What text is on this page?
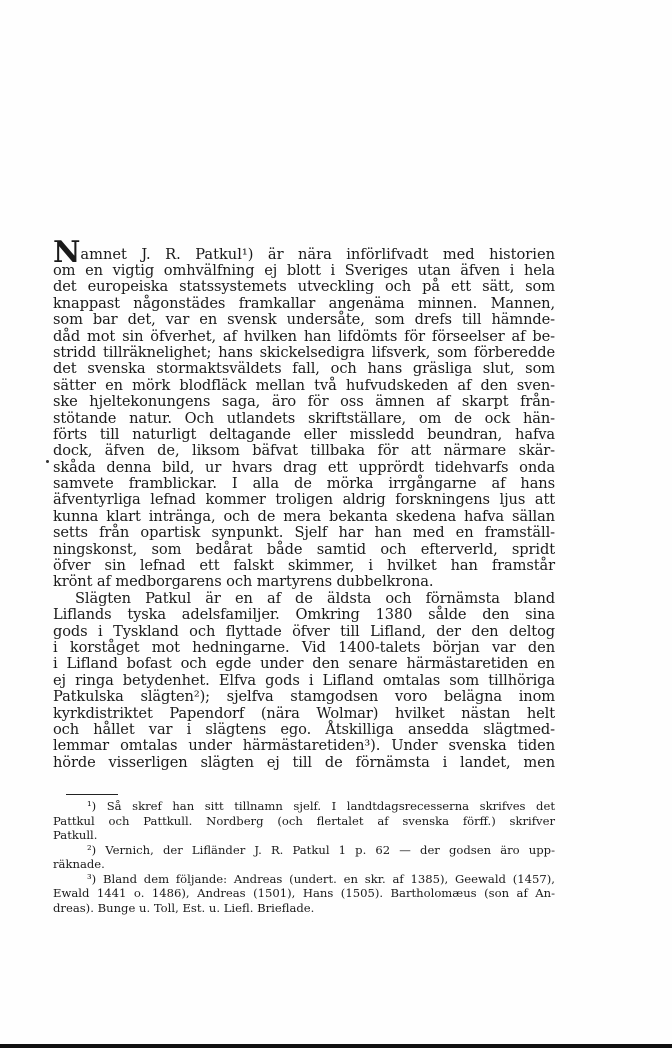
N amnet J. R. Patkul¹) är nära införlifvadt med historien
om en vigtig omhvälfning ej blott i Sveriges utan äfven i hela
det europeiska statssystemets utveckling och på ett sätt, som
knappast någonstädes framkallar angenäma minnen. Mannen,
som bar det, var en svensk undersåte, som drefs till hämnde-
dåd mot sin öfverhet, af hvilken han lifdömts för förseelser af be-
stridd tillräknelighet; hans skickelsedigra lifsverk, som förberedde
det svenska stormaktsväldets fall, och hans gräsliga slut, som
sätter en mörk blodfläck mellan två hufvudskeden af den sven-
ske hjeltekonungens saga, äro för oss ämnen af skarpt från-
stötande natur. Och utlandets skriftställare, om de ock hän-
förts till naturligt deltagande eller missledd beundran, hafva
dock, äfven de, liksom bäfvat tillbaka för att närmare skär-
skåda denna bild, ur hvars drag ett upprördt tidehvarfs onda
samvete framblickar. I alla de mörka irrgångarne af hans
äfventyrliga lefnad kommer troligen aldrig forskningens ljus att
kunna klart intränga, och de mera bekanta skedena hafva sällan
setts från opartisk synpunkt. Sjelf har han med en framställ-
ningskonst, som bedårat både samtid och efterverld, spridt
öfver sin lefnad ett falskt skimmer, i hvilket han framstår
krönt af medborgarens och martyrens dubbelkrona.
Slägten Patkul är en af de äldsta och förnämsta bland
Liflands tyska adelsfamiljer. Omkring 1380 sålde den sina
gods i Tyskland och flyttade öfver till Lifland, der den deltog
i korståget mot hedningarne. Vid 1400-talets början var den
i Lifland bofast och egde under den senare härmästaretiden en
ej ringa betydenhet. Elfva gods i Lifland omtalas som tillhöriga
Patkulska slägten²); sjelfva stamgodsen voro belägna inom
kyrkdistriktet Papendorf (nära Wolmar) hvilket nästan helt
och hållet var i slägtens ego. Åtskilliga ansedda slägtmed-
lemmar omtalas under härmästaretiden³). Under svenska tiden
hörde visserligen slägten ej till de förnämsta i landet, men
¹) Så skref han sitt tillnamn sjelf. I landtdagsrecesserna skrifves det
Pattkul och Pattkull. Nordberg (och flertalet af svenska förff.) skrifver
Patkull.
²) Vernich, der Lifländer J. R. Patkul 1 p. 62 — der godsen äro upp-
räknade.
³) Bland dem följande: Andreas (undert. en skr. af 1385), Geewald (1457),
Ewald 1441 o. 1486), Andreas (1501), Hans (1505). Bartholomæus (son af An-
dreas). Bunge u. Toll, Est. u. Liefl. Brieflade.
